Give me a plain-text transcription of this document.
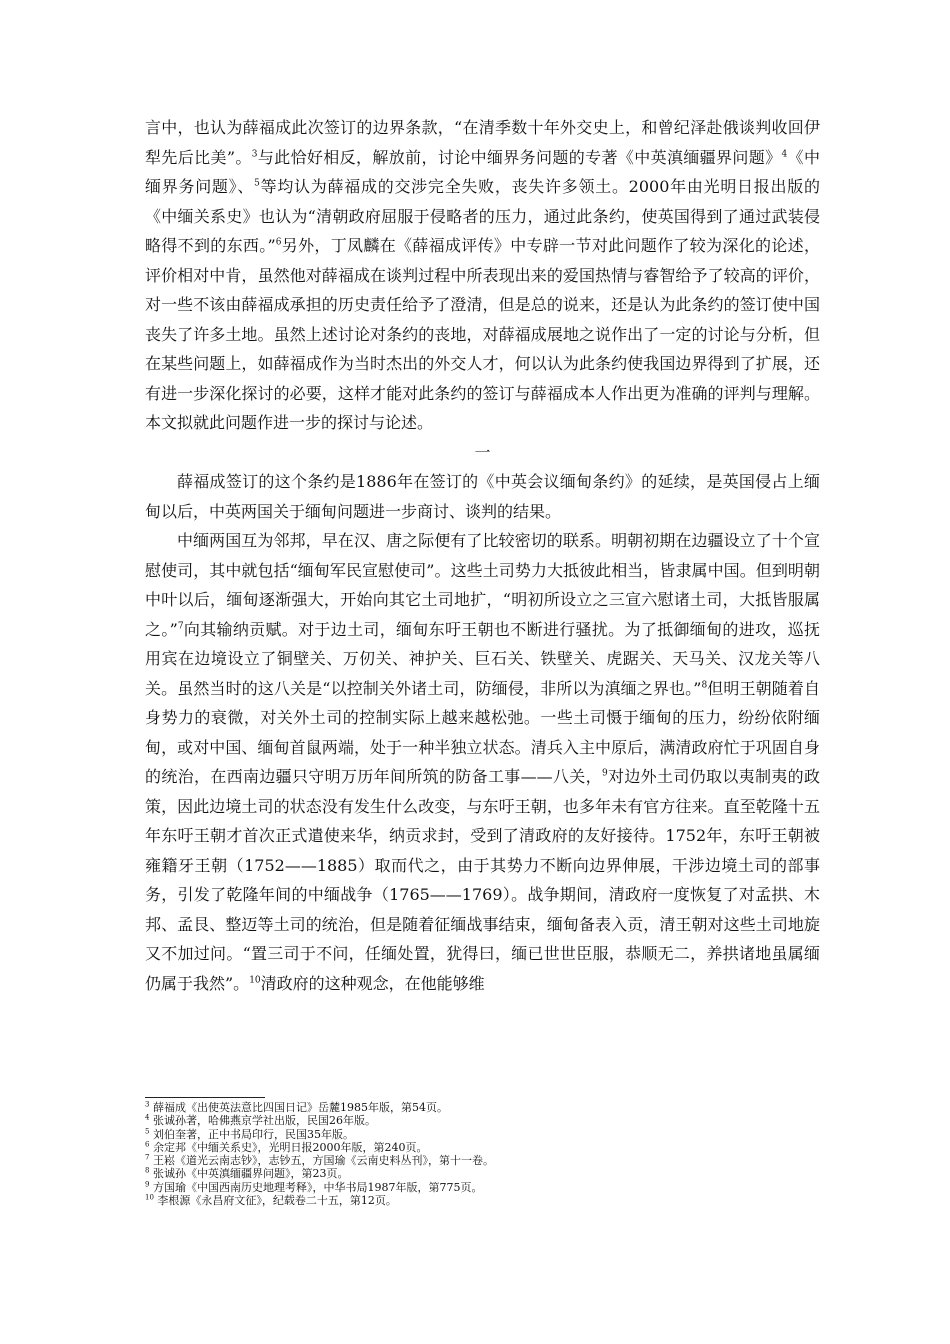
言中，也认为薛福成此次签订的边界条款，“在清季数十年外交史上，和曾纪泽赴俄谈判收回伊犁先后比美”。$^3$与此恰好相反，解放前，讨论中缅界务问题的专著《中英滇缅疆界问题》$^4$《中缅界务问题》、$^5$等均认为薛福成的交涉完全失败，丧失许多领土。2000年由光明日报出版的《中缅关系史》也认为“清朝政府屈服于侵略者的压力，通过此条约，使英国得到了通过武装侵略得不到的东西。”$^6$另外，丁凤麟在《薛福成评传》中专辟一节对此问题作了较为深化的论述，评价相对中肯，虽然他对薛福成在谈判过程中所表现出来的爱国热情与睿智给予了较高的评价，对一些不该由薛福成承担的历史责任给予了澄清，但是总的说来，还是认为此条约的签订使中国丧失了许多土地。虽然上述讨论对条约的丧地，对薛福成展地之说作出了一定的讨论与分析，但在某些问题上，如薛福成作为当时杰出的外交人才，何以认为此条约使我国边界得到了扩展，还有进一步深化探讨的必要，这样才能对此条约的签订与薛福成本人作出更为准确的评判与理解。本文拟就此问题作进一步的探讨与论述。

一

薛福成签订的这个条约是1886年在签订的《中英会议缅甸条约》的延续，是英国侵占上缅甸以后，中英两国关于缅甸问题进一步商讨、谈判的结果。

中缅两国互为邻邦，早在汉、唐之际便有了比较密切的联系。明朝初期在边疆设立了十个宣慰使司，其中就包括“缅甸军民宣慰使司”。这些土司势力大抵彼此相当，皆隶属中国。但到明朝中叶以后，缅甸逐渐强大，开始向其它土司地扩，“明初所设立之三宣六慰诸土司，大抵皆服属之。”$^7$向其输纳贡赋。对于边土司，缅甸东吁王朝也不断进行骚扰。为了抵御缅甸的进攻，巡抚用宾在边境设立了铜壁关、万仞关、神护关、巨石关、铁壁关、虎踞关、天马关、汉龙关等八关。虽然当时的这八关是“以控制关外诸土司，防缅侵，非所以为滇缅之界也。”$^8$但明王朝随着自身势力的衰微，对关外土司的控制实际上越来越松弛。一些土司慑于缅甸的压力，纷纷依附缅甸，或对中国、缅甸首鼠两端，处于一种半独立状态。清兵入主中原后，满清政府忙于巩固自身的统治，在西南边疆只守明万历年间所筑的防备工事——八关，$^9$对边外土司仍取以夷制夷的政策，因此边境土司的状态没有发生什么改变，与东吁王朝，也多年未有官方往来。直至乾隆十五年东吁王朝才首次正式遣使来华，纳贡求封，受到了清政府的友好接待。1752年，东吁王朝被雍籍牙王朝（1752——1885）取而代之，由于其势力不断向边界伸展，干涉边境土司的部事务，引发了乾隆年间的中缅战争（1765——1769）。战争期间，清政府一度恢复了对孟拱、木邦、孟艮、整迈等土司的统治，但是随着征缅战事结束，缅甸备表入贡，清王朝对这些土司地旋又不加过问。“置三司于不问，任缅处置，犹得曰，缅已世世臣服，恭顺无二，养拱诸地虽属缅仍属于我然”。$^{10}$清政府的这种观念，在他能够维

$^3$ 薛福成《出使英法意比四国日记》岳麓1985年版，第54页。

$^4$ 张诚孙著，哈佛燕京学社出版，民国26年版。

$^5$ 刘伯奎著，正中书局印行，民国35年版。

$^6$ 余定邦《中缅关系史》，光明日报2000年版，第240页。

$^7$ 王崧《道光云南志钞》，志钞五，方国瑜《云南史料丛刊》，第十一卷。

$^8$ 张诚孙《中英滇缅疆界问题》，第23页。

$^9$ 方国瑜《中国西南历史地理考释》，中华书局1987年版，第775页。

$^{10}$ 李根源《永昌府文征》，纪载卷二十五，第12页。
